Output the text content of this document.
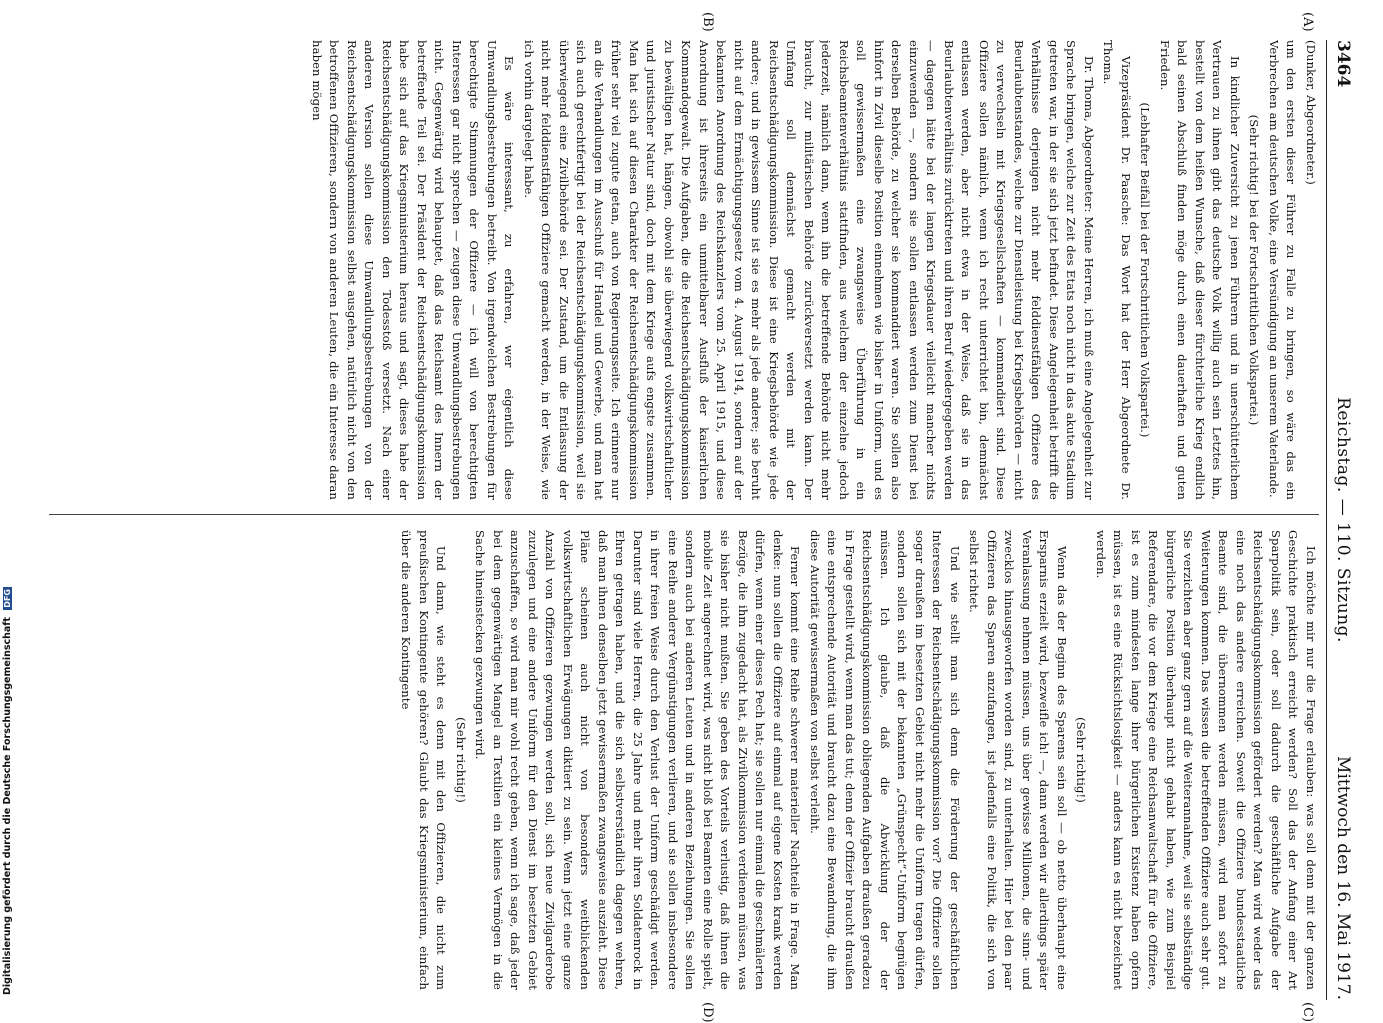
3464
Reichstag. — 110. Sitzung.
Mittwoch den 16. Mai 1917.
(A)
(B)
(C)
(D)

(Dunker, Abgeordneter.)

um den ersten dieser Führer zu Falle zu bringen, so wäre das ein Verbrechen am deutschen Volke, eine Versündigung an unserem Vaterlande.

(Sehr richtig! bei der Fortschrittlichen Volkspartei.)

In kindlicher Zuversicht zu jenen Führern und in unerschütterlichem Vertrauen zu ihnen gibt das deutsche Volk willig auch sein Letztes hin, bestellt von dem heißen Wunsche, daß dieser fürchterliche Krieg endlich bald seinen Abschluß finden möge durch einen dauerhaften und guten Frieden.

(Lebhafter Beifall bei der Fortschrittlichen Volkspartei.)

Vizepräsident Dr. Paasche: Das Wort hat der Herr Abgeordnete Dr. Thoma.

Dr. Thoma, Abgeordneter: Meine Herren, ich muß eine Angelegenheit zur Sprache bringen, welche zur Zeit des Etats noch nicht in das akute Stadium getreten war, in der sie sich jetzt befindet. Diese Angelegenheit betrifft die Verhältnisse derjenigen nicht mehr felddienstfähigen Offiziere des Beurlaubtenstandes, welche zur Dienstleistung bei Kriegsbehörden — nicht zu verwechseln mit Kriegsgesellschaften — kommandiert sind. Diese Offiziere sollen nämlich, wenn ich recht unterrichtet bin, demnächst entlassen werden, aber nicht etwa in der Weise, daß sie in das Beurlaubtenverhältnis zurücktreten und ihren Beruf wiedergegeben werden — dagegen hätte bei der langen Kriegsdauer vielleicht mancher nichts einzuwenden —, sondern sie sollen entlassen werden zum Dienst bei derselben Behörde, zu welcher sie kommandiert waren. Sie sollen also hinfort in Zivil dieselbe Position einnehmen wie bisher in Uniform, und es soll gewissermaßen eine zwangsweise Überführung in ein Reichsbeamtenverhältnis stattfinden, aus welchem der einzelne jedoch jederzeit, nämlich dann, wenn ihn die betreffende Behörde nicht mehr braucht, zur militärischen Behörde zurückversetzt werden kann. Der Umfang soll demnächst gemacht werden mit der Reichsentschädigungskommission. Diese ist eine Kriegsbehörde wie jede andere; und in gewissem Sinne ist sie es mehr als jede andere; sie beruht nicht auf dem Ermächtigungsgesetz vom 4. August 1914, sondern auf der bekannten Anordnung des Reichskanzlers vom 25. April 1915, und diese Anordnung ist ihrerseits ein unmittelbarer Ausfluß der kaiserlichen Kommandogewalt. Die Aufgaben, die die Reichsentschädigungskommission zu bewältigen hat, hängen, obwohl sie überwiegend volkswirtschaftlicher und juristischer Natur sind, doch mit dem Kriege aufs engste zusammen. Man hat sich auf diesen Charakter der Reichsentschädigungskommission früher sehr viel zugute getan, auch von Regierungsseite. Ich erinnere nur an die Verhandlungen im Ausschuß für Handel und Gewerbe, und man hat sich auch gerechtfertigt bei der Reichsentschädigungskommission, weil sie überwiegend eine Zivilbehörde sei. Der Zustand, um die Entlassung der nicht mehr felddienstfähigen Offiziere gemacht werden, in der Weise, wie ich vorhin dargelegt habe.

Es wäre interessant, zu erfahren, wer eigentlich diese Umwandlungsbestrebungen betreibt. Von irgendwelchen Bestrebungen für berechtigte Stimmungen der Offiziere — ich will von berechtigten Interessen gar nicht sprechen — zeugen diese Umwandlungsbestrebungen nicht. Gegenwärtig wird behauptet, daß das Reichsamt des Innern der betreffende Teil sei. Der Präsident der Reichsentschädigungskommission habe sich auf das Kriegsministerium heraus und sagt, dieses habe der Reichsentschädigungskommission den Todesstoß versetzt. Nach einer anderen Version sollen diese Umwandlungsbestrebungen von der Reichsentschädigungskommission selbst ausgehen, natürlich nicht von den betroffenen Offizieren, sondern von anderen Leuten, die ein Interesse daran haben mögen

Ich möchte mir nur die Frage erlauben: was soll denn mit der ganzen Geschichte praktisch erreicht werden? Soll das der Anfang einer Art Sparpolitik sein, oder soll dadurch die geschäftliche Aufgabe der Reichsentschädigungskommission gefördert werden? Man wird weder das eine noch das andere erreichen. Soweit die Offiziere bundesstaatliche Beamte sind, die übernommen werden müssen, wird man sofort zu Weiterungen kommen. Das wissen die betreffenden Offiziere auch sehr gut. Sie verzichten aber ganz gern auf die Weiterannahme, weil sie selbständige bürgerliche Position überhaupt nicht gehabt haben, wie zum Beispiel Referendare, die vor dem Kriege eine Reichsanwaltschaft für die Offiziere, ist es zum mindesten lange ihrer bürgerlichen Existenz haben opfern müssen, ist es eine Rücksichtslosigkeit — anders kann es nicht bezeichnet werden.

(Sehr richtig!)

Wenn das der Beginn des Sparens sein soll — ob netto überhaupt eine Ersparnis erzielt wird, bezweifle ich! —, dann werden wir allerdings später Veranlassung nehmen müssen, uns über gewisse Millionen, die sinn- und zwecklos hinausgeworfen worden sind, zu unterhalten. Hier bei den paar Offizieren das Sparen anzufangen, ist jedenfalls eine Politik, die sich von selbst richtet.

Und wie stellt man sich denn die Förderung der geschäftlichen Interessen der Reichsentschädigungskommission vor? Die Offiziere sollen sogar draußen im besetzten Gebiet nicht mehr die Uniform tragen dürfen, sondern sollen sich mit der bekannten „Grünspecht“-Uniform begnügen müssen. Ich glaube, daß die Abwicklung der der Reichsentschädigungskommission obliegenden Aufgaben draußen geradezu in Frage gestellt wird, wenn man das tut; denn der Offizier braucht draußen eine entsprechende Autorität und braucht dazu eine Bewandnung, die ihm diese Autorität gewissermaßen von selbst verleiht.

Ferner kommt eine Reihe schwerer materieller Nachteile in Frage. Man denke: nun sollen die Offiziere auf einmal auf eigene Kosten krank werden dürfen, wenn einer dieses Pech hat; sie sollen nur einmal die geschmälerten Bezüge, die ihm zugedacht hat, als Zivilkommission verdienen müssen, was sie bisher nicht mußten. Sie geben des Vorteils verlustig, daß ihnen die mobile Zeit angerechnet wird, was nicht bloß bei Beamten eine Rolle spielt, sondern auch bei anderen Leuten und in anderen Beziehungen. Sie sollen eine Reihe anderer Vergünstigungen verlieren, und sie sollen insbesondere in ihrer freien Weise durch den Verlust der Uniform geschädigt werden. Darunter sind viele Herren, die 25 Jahre und mehr ihren Soldatenrock in Ehren getragen haben, und die sich selbstverständlich dagegen wehren, daß man ihnen denselben jetzt gewissermaßen zwangsweise auszieht. Diese Pläne scheinen auch nicht von besonders weitblickenden volkswirtschaftlichen Erwägungen diktiert zu sein. Wenn jetzt eine ganze Anzahl von Offizieren gezwungen werden soll, sich neue Zivilgarderobe zuzulegen und eine andere Uniform für den Dienst im besetzten Gebiet anzuschaffen, so wird man mir wohl recht geben, wenn ich sage, daß jeder bei dem gegenwärtigen Mangel an Textilien ein kleines Vermögen in die Sache hineinstecken gezwungen wird.

(Sehr richtig!)

Und dann, wie steht es denn mit den Offizieren, die nicht zum preußischen Kontingente gehören? Glaubt das Kriegsministerium, einfach über die anderen Kontingente

Digitalisierung gefördert durch die Deutsche Forschungsgemeinschaft DFG
